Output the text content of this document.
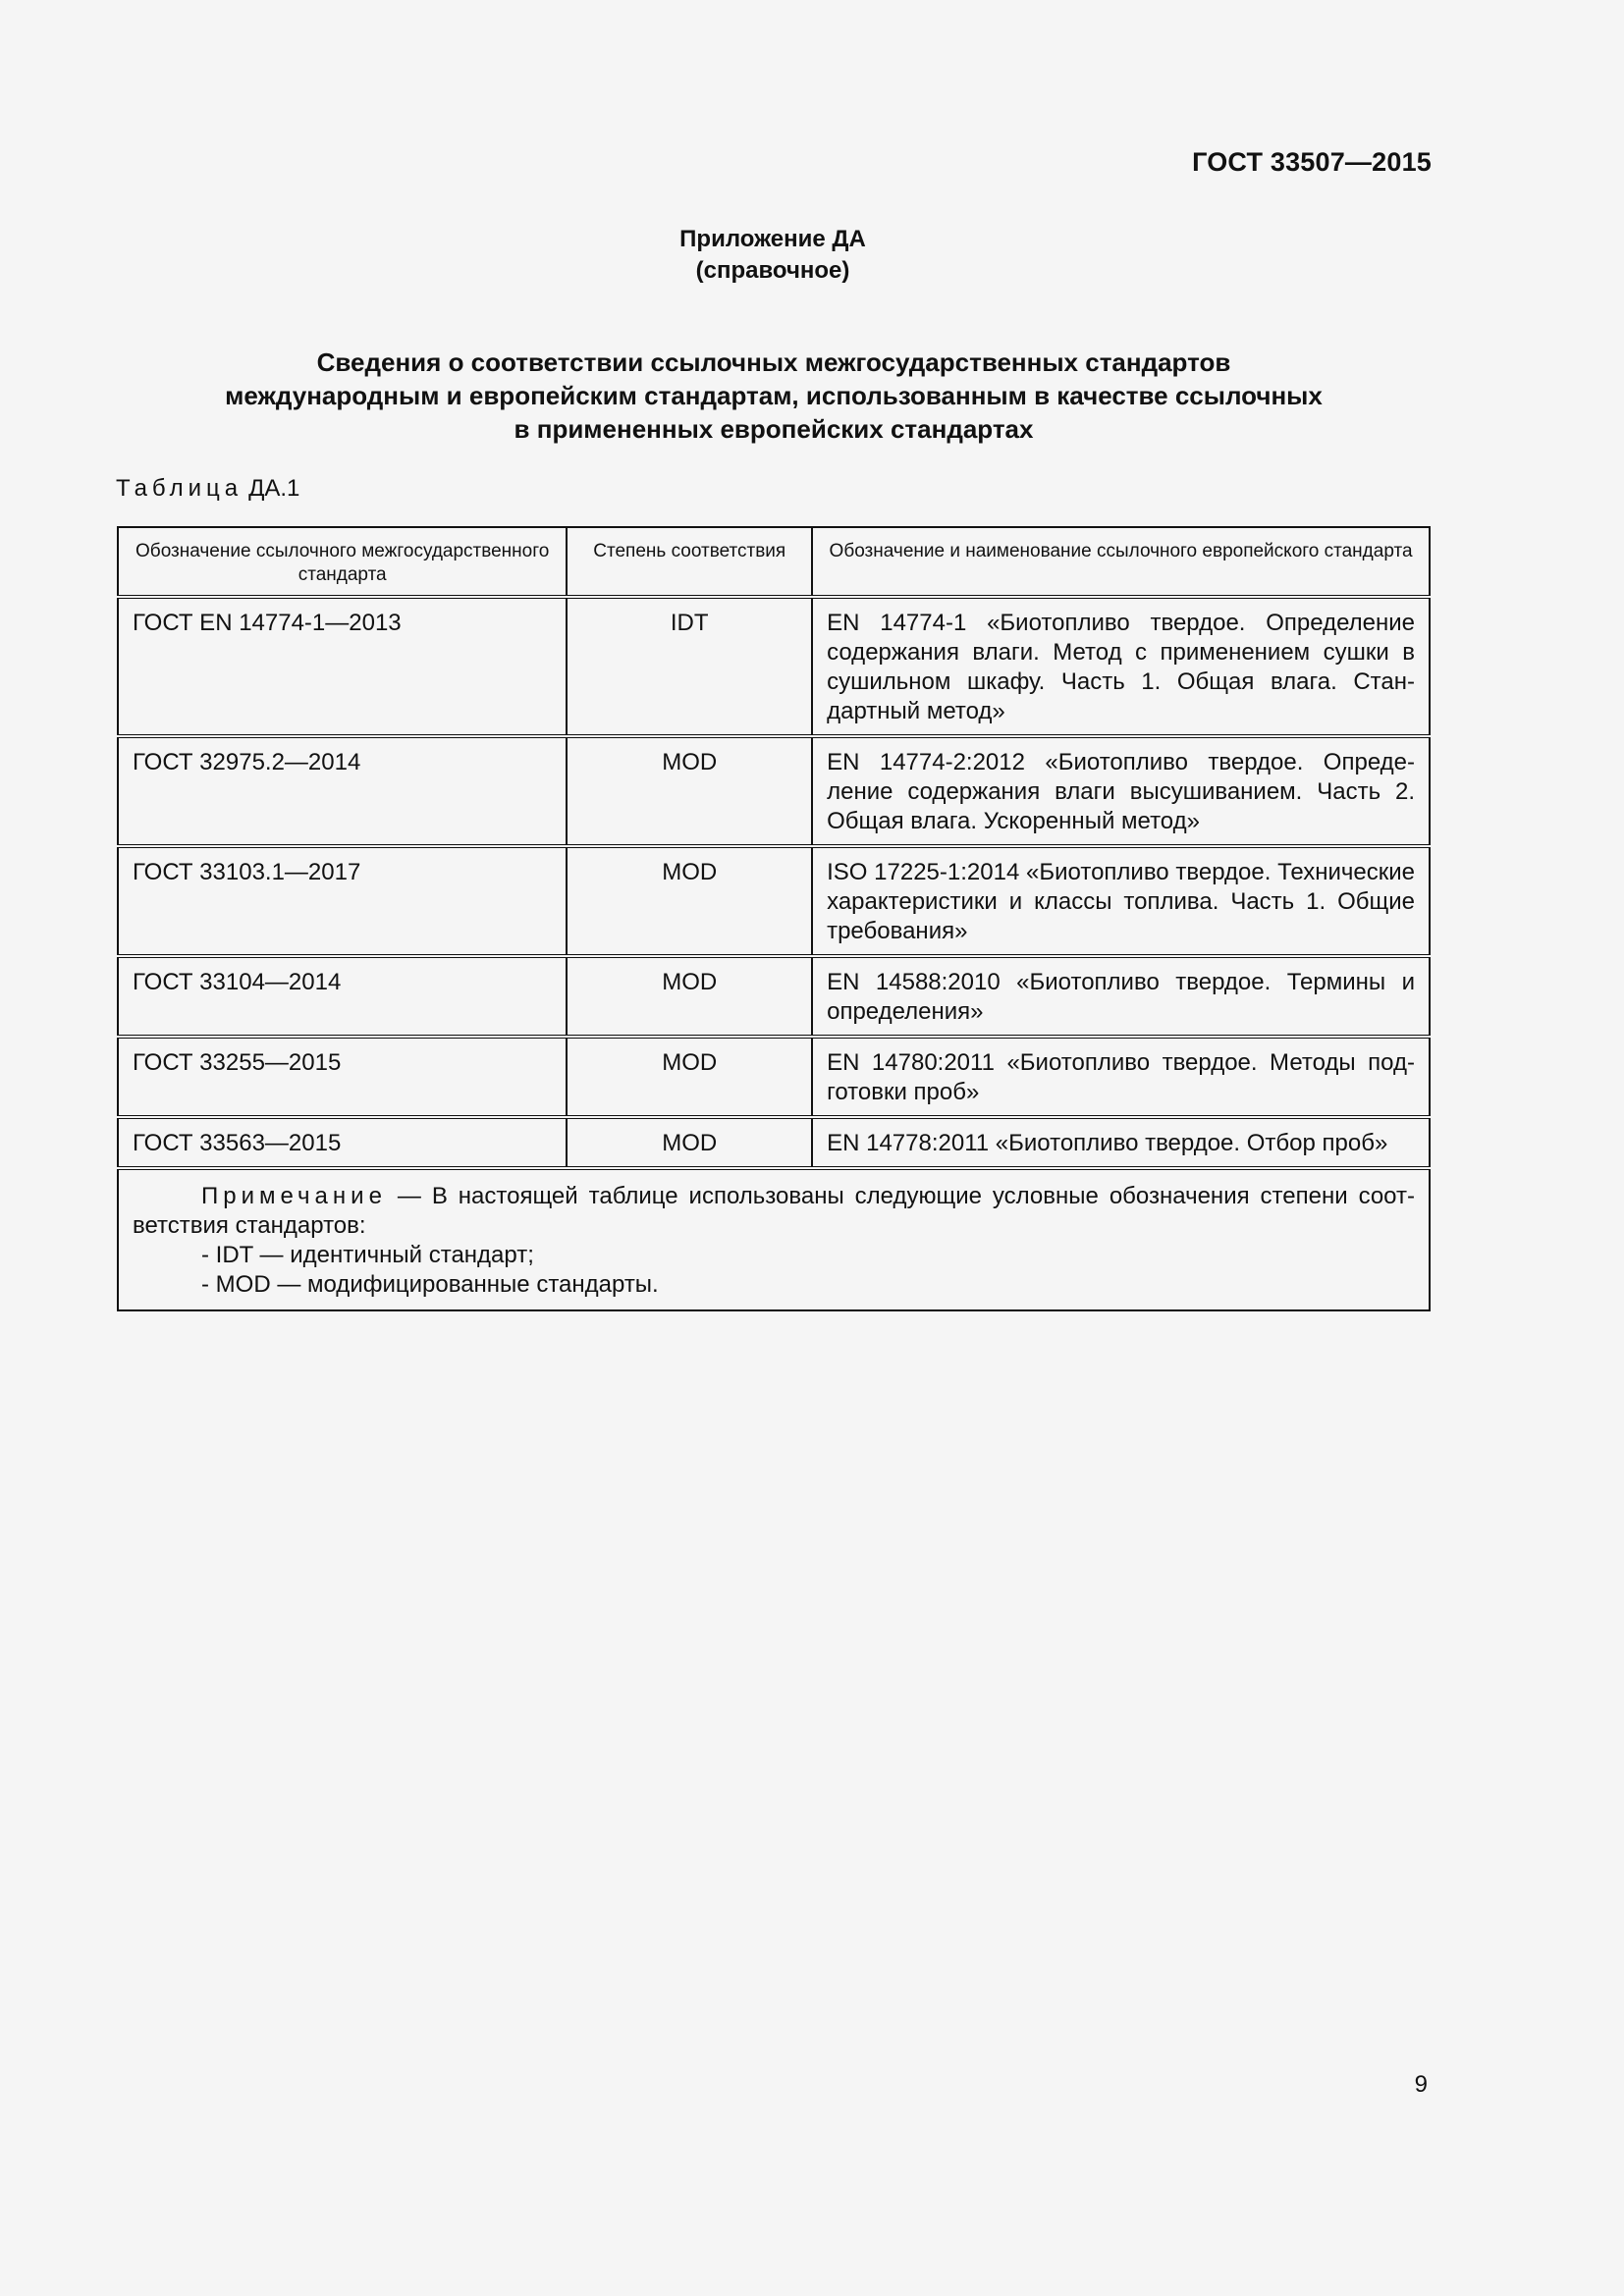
ГОСТ 33507—2015
Приложение ДА
(справочное)
Сведения о соответствии ссылочных межгосударственных стандартов
международным и европейским стандартам, использованным в качестве ссылочных
в примененных европейских стандартах
Таблица ДА.1
Обозначение ссылочного межгосударственного стандарта	Степень соответствия	Обозначение и наименование ссылочного европейского стандарта
ГОСТ EN 14774-1—2013	IDT	EN 14774-1 «Биотопливо твердое. Определение содержания влаги. Метод с применением сушки в сушильном шкафу. Часть 1. Общая влага. Стандартный метод»
ГОСТ 32975.2—2014	MOD	EN 14774-2:2012 «Биотопливо твердое. Определение содержания влаги высушиванием. Часть 2. Общая влага. Ускоренный метод»
ГОСТ 33103.1—2017	MOD	ISO 17225-1:2014 «Биотопливо твердое. Технические характеристики и классы топлива. Часть 1. Общие требования»
ГОСТ 33104—2014	MOD	EN 14588:2010 «Биотопливо твердое. Термины и определения»
ГОСТ 33255—2015	MOD	EN 14780:2011 «Биотопливо твердое. Методы подготовки проб»
ГОСТ 33563—2015	MOD	EN 14778:2011 «Биотопливо твердое. Отбор проб»

Примечание — В настоящей таблице использованы следующие условные обозначения степени соответствия стандартов:
- IDT — идентичный стандарт;
- MOD — модифицированные стандарты.		
9
